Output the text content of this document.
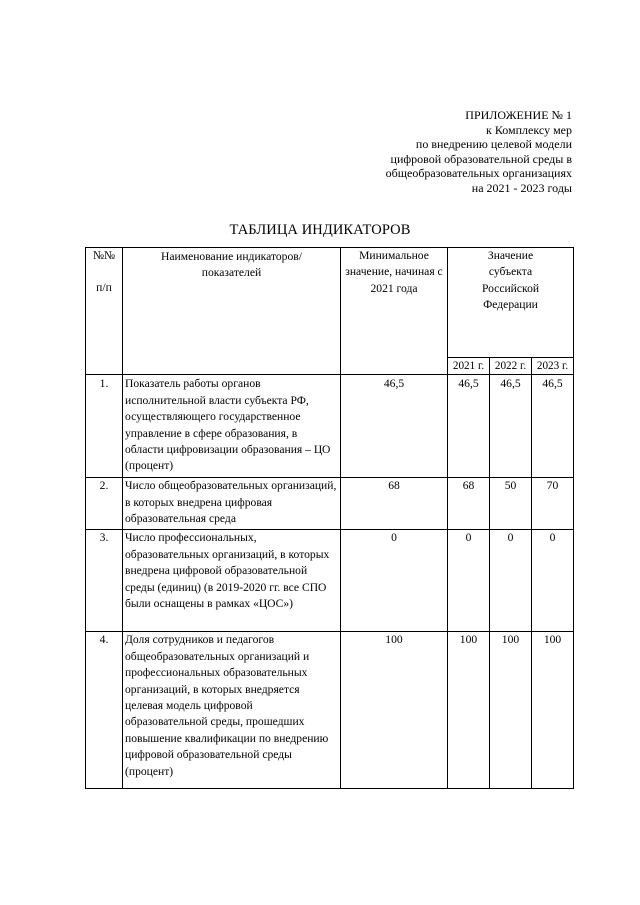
ПРИЛОЖЕНИЕ № 1
к Комплексу мер
по внедрению целевой модели
цифровой образовательной среды в
общеобразовательных организациях
на 2021 - 2023 годы
ТАБЛИЦА ИНДИКАТОРОВ
№№
п/п	Наименование индикаторов/показателей	Минимальное значение, начиная с 2021 года	Значение субъекта Российской Федерации		

			2021 г.	2022 г.	2023 г.
1.	Показатель работы органов исполнительной власти субъекта РФ, осуществляющего государственное управление в сфере образования, в области цифровизации образования – ЦО (процент)	46,5	46,5	46,5	46,5
2.	Число общеобразовательных организаций, в которых внедрена цифровая образовательная среда	68	68	50	70
3.	Число профессиональных, образовательных организаций, в которых внедрена цифровой образовательной среды (единиц) (в 2019-2020 гг. все СПО были оснащены в рамках «ЦОС»)	0	0	0	0
4.	Доля сотрудников и педагогов общеобразовательных организаций и профессиональных образовательных организаций, в которых внедряется целевая модель цифровой образовательной среды, прошедших повышение квалификации по внедрению цифровой образовательной среды (процент)	100	100	100	100
